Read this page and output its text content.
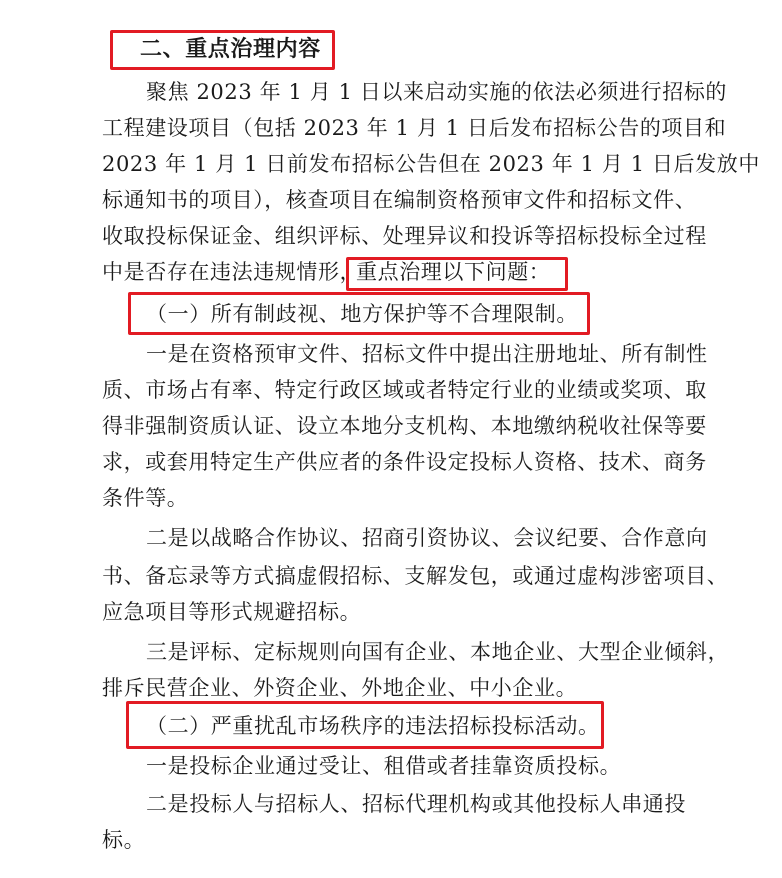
二、重点治理内容
聚焦 2023 年 1 月 1 日以来启动实施的依法必须进行招标的
工程建设项目（包括 2023 年 1 月 1 日后发布招标公告的项目和
2023 年 1 月 1 日前发布招标公告但在 2023 年 1 月 1 日后发放中
标通知书的项目），核查项目在编制资格预审文件和招标文件、
收取投标保证金、组织评标、处理异议和投诉等招标投标全过程
中是否存在违法违规情形，
重点治理以下问题：
（一）所有制歧视、地方保护等不合理限制。
一是在资格预审文件、招标文件中提出注册地址、所有制性
质、市场占有率、特定行政区域或者特定行业的业绩或奖项、取
得非强制资质认证、设立本地分支机构、本地缴纳税收社保等要
求，或套用特定生产供应者的条件设定投标人资格、技术、商务
条件等。
二是以战略合作协议、招商引资协议、会议纪要、合作意向
书、备忘录等方式搞虚假招标、支解发包，或通过虚构涉密项目、
应急项目等形式规避招标。
三是评标、定标规则向国有企业、本地企业、大型企业倾斜，
排斥民营企业、外资企业、外地企业、中小企业。
（二）严重扰乱市场秩序的违法招标投标活动。
一是投标企业通过受让、租借或者挂靠资质投标。
二是投标人与招标人、招标代理机构或其他投标人串通投
标。
